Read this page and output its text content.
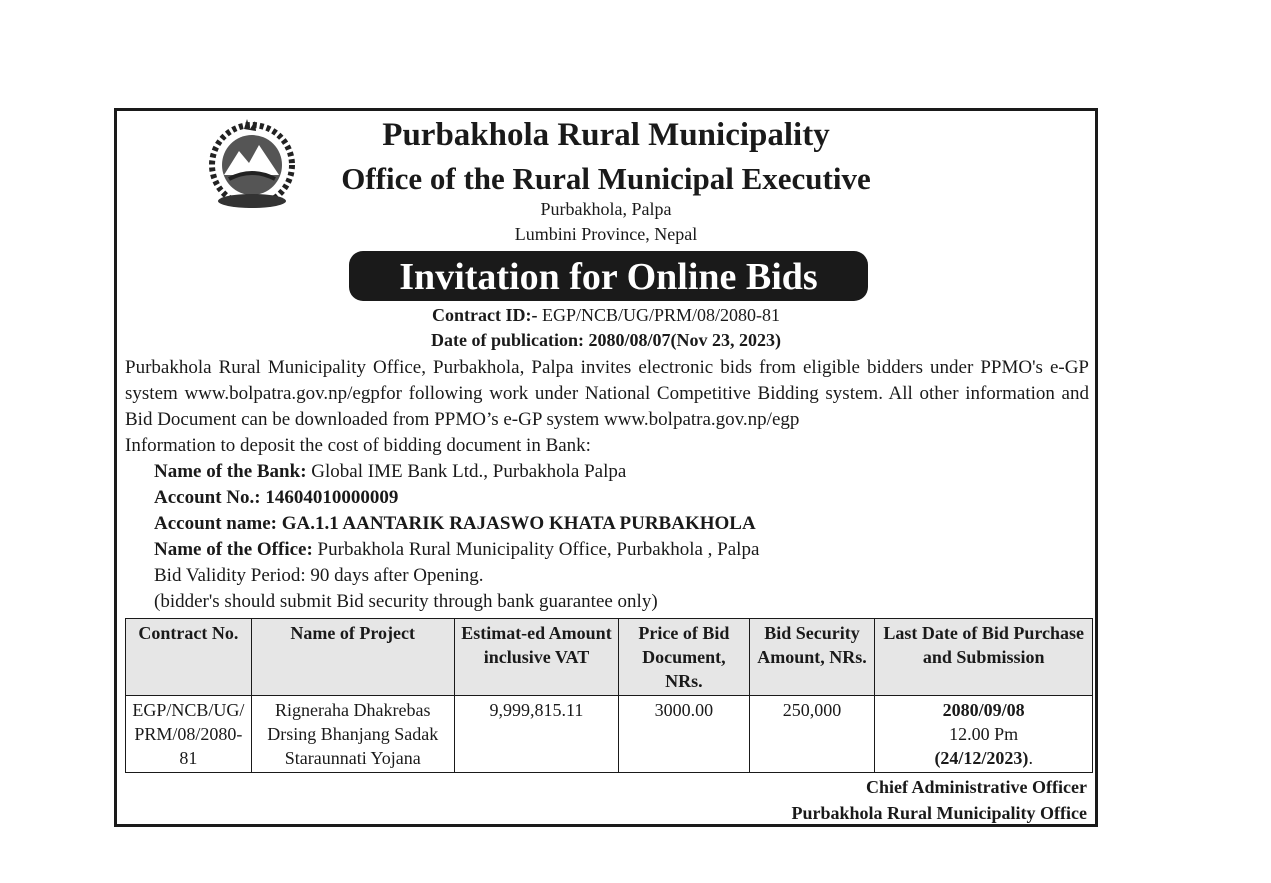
Purbakhola Rural Municipality
Office of the Rural Municipal Executive
Purbakhola, Palpa
Lumbini Province, Nepal
Invitation for Online Bids
Contract ID:- EGP/NCB/UG/PRM/08/2080-81
Date of publication: 2080/08/07(Nov 23, 2023)

Purbakhola Rural Municipality Office, Purbakhola, Palpa invites electronic bids from eligible bidders under PPMO's e-GP system www.bolpatra.gov.np/egpfor following work under National Competitive Bidding system. All other information and Bid Document can be downloaded from PPMO’s e-GP system www.bolpatra.gov.np/egp

Information to deposit the cost of bidding document in Bank:

Name of the Bank: Global IME Bank Ltd., Purbakhola Palpa

Account No.: 14604010000009

Account name: GA.1.1 AANTARIK RAJASWO KHATA PURBAKHOLA

Name of the Office: Purbakhola Rural Municipality Office, Purbakhola , Palpa

Bid Validity Period: 90 days after Opening.

(bidder's should submit Bid security through bank guarantee only)

Contract No.	Name of Project	Estimat-ed Amount inclusive VAT	Price of Bid Document, NRs.	Bid Security Amount, NRs.	Last Date of Bid Purchase and Submission
EGP/NCB/UG/ PRM/08/2080-81	Rigneraha Dhakrebas Drsing Bhanjang Sadak Staraunnati Yojana	9,999,815.11	3000.00	250,000	2080/09/08
12.00 Pm
(24/12/2023).
Chief Administrative Officer
Purbakhola Rural Municipality Office
